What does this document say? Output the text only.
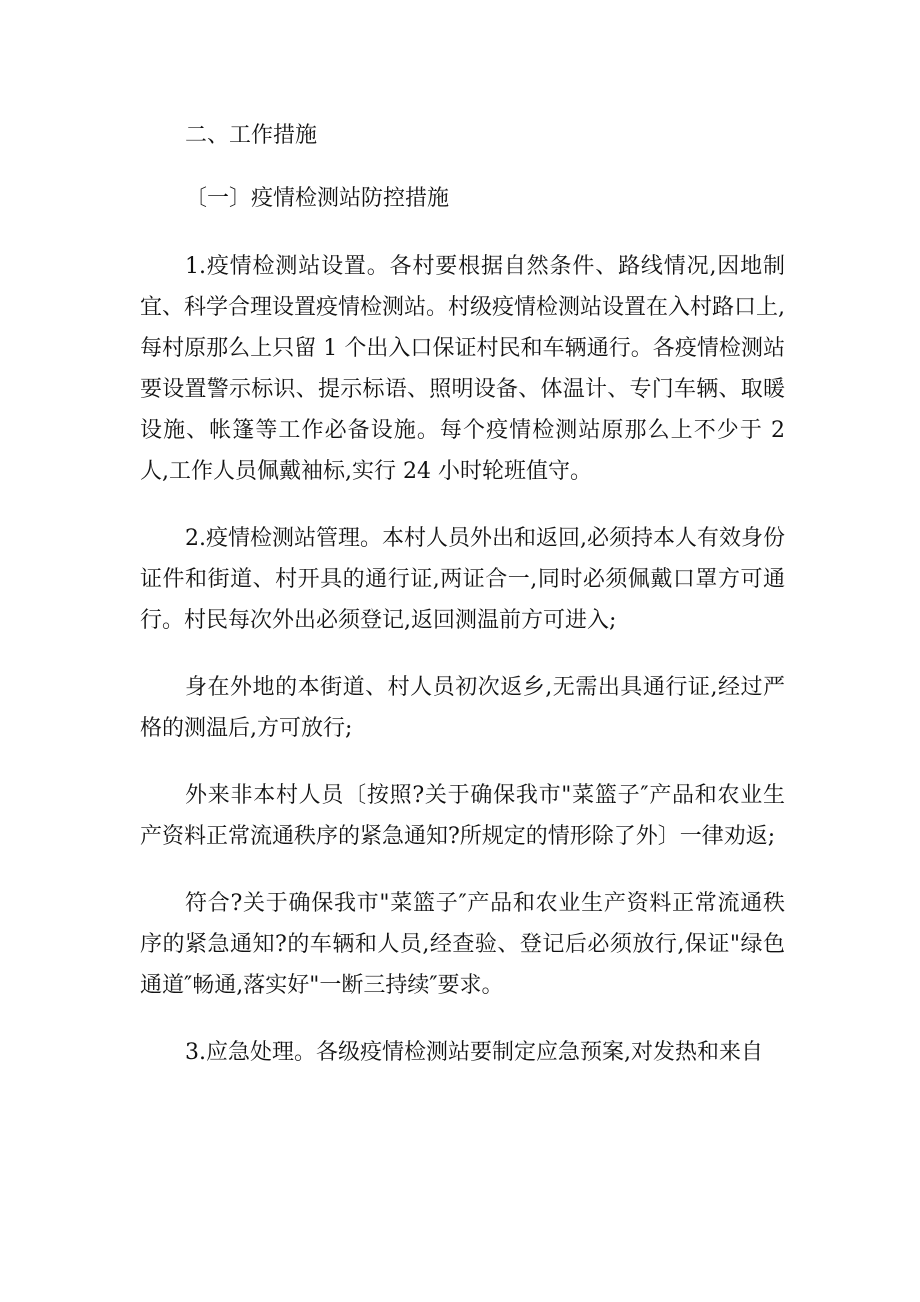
二、工作措施

〔一〕疫情检测站防控措施

1.疫情检测站设置。各村要根据自然条件、路线情况,因地制宜、科学合理设置疫情检测站。村级疫情检测站设置在入村路口上,每村原那么上只留 1 个出入口保证村民和车辆通行。各疫情检测站要设置警示标识、提示标语、照明设备、体温计、专门车辆、取暖设施、帐篷等工作必备设施。每个疫情检测站原那么上不少于 2 人,工作人员佩戴袖标,实行 24 小时轮班值守。

2.疫情检测站管理。本村人员外出和返回,必须持本人有效身份证件和街道、村开具的通行证,两证合一,同时必须佩戴口罩方可通行。村民每次外出必须登记,返回测温前方可进入;

身在外地的本街道、村人员初次返乡,无需出具通行证,经过严格的测温后,方可放行;

外来非本村人员〔按照?关于确保我市"菜篮子″产品和农业生产资料正常流通秩序的紧急通知?所规定的情形除了外〕一律劝返;

符合?关于确保我市"菜篮子″产品和农业生产资料正常流通秩序的紧急通知?的车辆和人员,经查验、登记后必须放行,保证"绿色通道″畅通,落实好"一断三持续″要求。

3.应急处理。各级疫情检测站要制定应急预案,对发热和来自
